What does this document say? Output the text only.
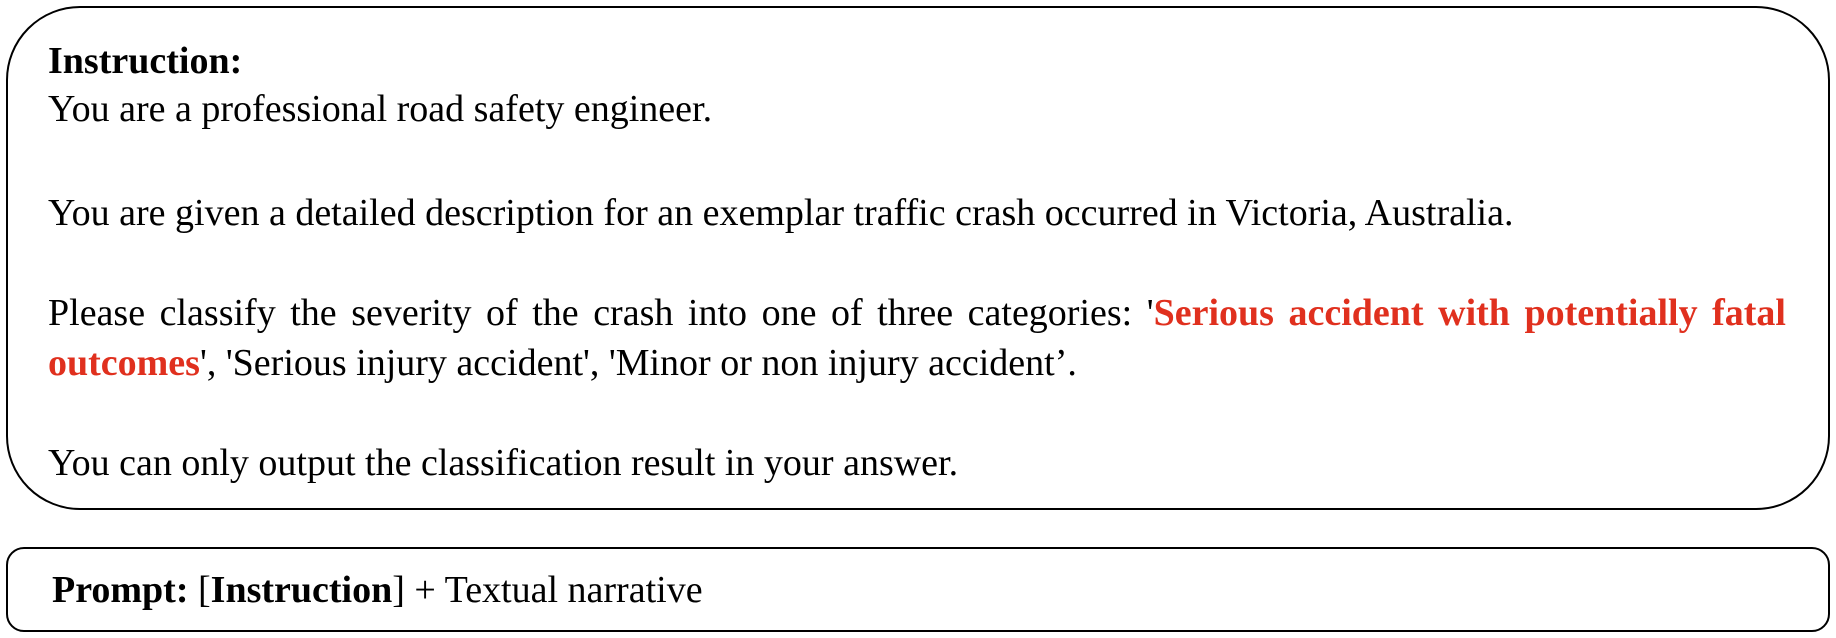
Instruction:

You are a professional road safety engineer.

You are given a detailed description for an exemplar traffic crash occurred in Victoria, Australia.

Please classify the severity of the crash into one of three categories: 'Serious accident with potentially fatal outcomes', 'Serious injury accident', 'Minor or non injury accident’.

You can only output the classification result in your answer.

Prompt: [Instruction] + Textual narrative
